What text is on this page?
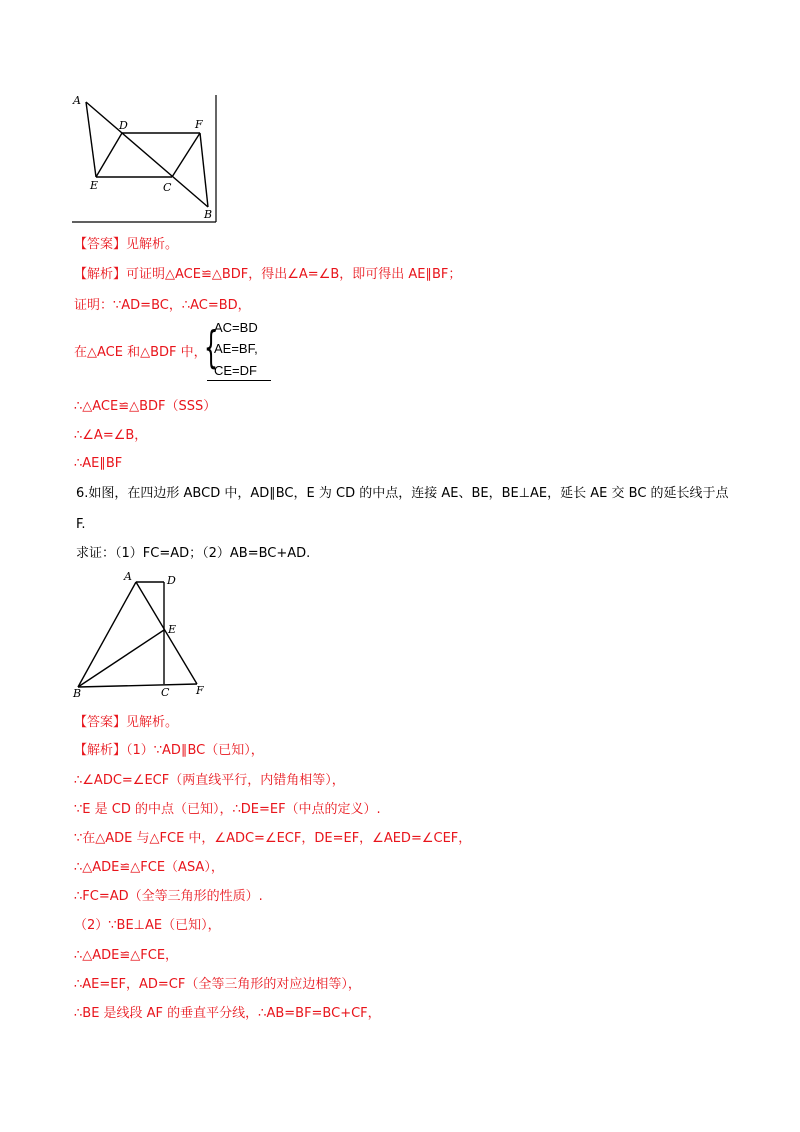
A
D	F
E	C
B
【答案】见解析。
【解析】可证明△ACE≌△BDF，得出∠A=∠B，即可得出 AE∥BF；
证明：∵AD=BC，∴AC=BD，
在△ACE 和△BDF 中，
{
AC=BD
AE=BF,
CE=DF
∴△ACE≌△BDF（SSS）
∴∠A=∠B，
∴AE∥BF
6.如图，在四边形 ABCD 中，AD∥BC，E 为 CD 的中点，连接 AE、BE，BE⊥AE，延长 AE 交 BC 的延长线于点
F.
求证：（1）FC=AD；（2）AB=BC+AD.
A	D
E
B	C F
【答案】见解析。
【解析】（1）∵AD∥BC（已知），
∴∠ADC=∠ECF（两直线平行，内错角相等），
∵E 是 CD 的中点（已知），∴DE=EF（中点的定义）.
∵在△ADE 与△FCE 中，∠ADC=∠ECF，DE=EF，∠AED=∠CEF，
∴△ADE≌△FCE（ASA），
∴FC=AD（全等三角形的性质）.
（2）∵BE⊥AE（已知），
∴△ADE≌△FCE，
∴AE=EF，AD=CF（全等三角形的对应边相等），
∴BE 是线段 AF 的垂直平分线，∴AB=BF=BC+CF，
